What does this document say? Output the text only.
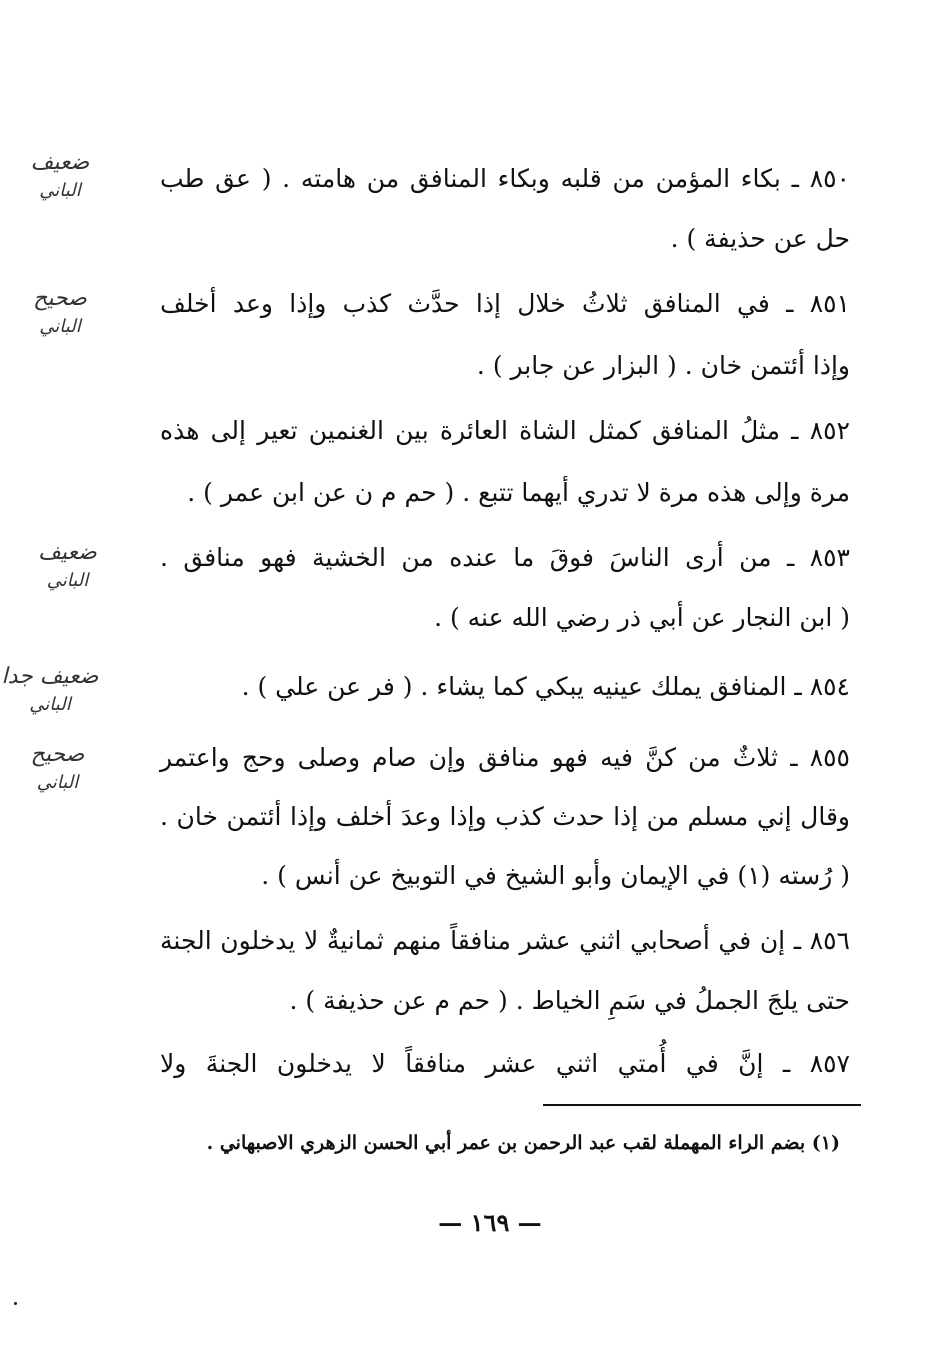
٨٥٠ ـ بكاء المؤمن من قلبه وبكاء المنافق من هامته . ( عق طب
حل عن حذيفة ) .
٨٥١ ـ في المنافق ثلاثُ خلال إذا حدَّث كذب وإذا وعد أخلف
وإذا أئتمن خان . ( البزار عن جابر ) .
٨٥٢ ـ مثلُ المنافق كمثل الشاة العائرة بين الغنمين تعير إلى هذه
مرة وإلى هذه مرة لا تدري أيهما تتبع . ( حم م ن عن ابن عمر ) .
٨٥٣ ـ من أرى الناسَ فوقَ ما عنده من الخشية فهو منافق .
( ابن النجار عن أبي ذر رضي الله عنه ) .
٨٥٤ ـ المنافق يملك عينيه يبكي كما يشاء . ( فر عن علي ) .
٨٥٥ ـ ثلاثٌ من كنَّ فيه فهو منافق وإن صام وصلى وحج واعتمر
وقال إني مسلم من إذا حدث كذب وإذا وعدَ أخلف وإذا أئتمن خان .
( رُسته (١) في الإيمان وأبو الشيخ في التوبيخ عن أنس ) .
٨٥٦ ـ إن في أصحابي اثني عشر منافقاً منهم ثمانيةٌ لا يدخلون الجنة
حتى يلجَ الجملُ في سَمِ الخياط . ( حم م عن حذيفة ) .
٨٥٧ ـ إنَّ في أُمتي اثني عشر منافقاً لا يدخلون الجنةَ ولا
ضعيف
الباني
صحيح
الباني
ضعيف
الباني
ضعيف جدا
الباني
صحيح
الباني
(١) بضم الراء المهملة لقب عبد الرحمن بن عمر أبي الحسن الزهري الاصبهاني .
— ١٦٩ —
